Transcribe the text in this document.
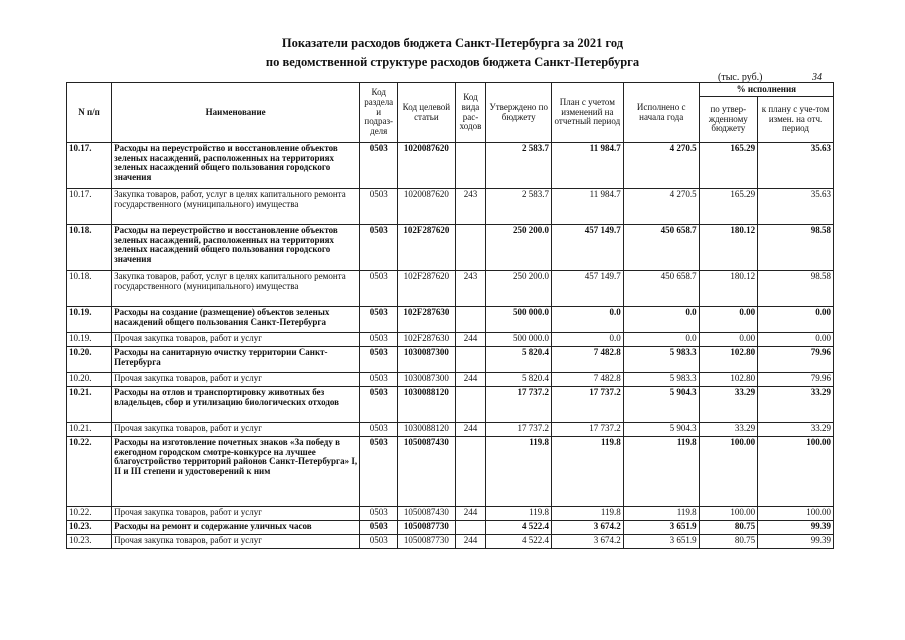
Показатели расходов бюджета Санкт-Петербурга за 2021 год
по ведомственной структуре расходов бюджета Санкт-Петербурга
(тыс. руб.)	34
N п/п	Наименование	Код раздела и подраз-деля	Код целевой статьи	Код вида рас-ходов	Утверждено по бюджету	План с учетом изменений на отчетный период	Исполнено с начала года	% исполнения	
								по утвер-жденному бюджету	к плану с уче-том измен. на отч. период
10.17.	Расходы на переустройство и восстановление объектов зеленых насаждений, расположенных на территориях зеленых насаждений общего пользования городского значения	0503	1020087620		2 583.7	11 984.7	4 270.5	165.29	35.63
10.17.	Закупка товаров, работ, услуг в целях капитального ремонта государственного (муниципального) имущества	0503	1020087620	243	2 583.7	11 984.7	4 270.5	165.29	35.63
10.18.	Расходы на переустройство и восстановление объектов зеленых насаждений, расположенных на территориях зеленых насаждений общего пользования городского значения	0503	102F287620		250 200.0	457 149.7	450 658.7	180.12	98.58
10.18.	Закупка товаров, работ, услуг в целях капитального ремонта государственного (муниципального) имущества	0503	102F287620	243	250 200.0	457 149.7	450 658.7	180.12	98.58
10.19.	Расходы на создание (размещение) объектов зеленых насаждений общего пользования Санкт-Петербурга	0503	102F287630		500 000.0	0.0	0.0	0.00	0.00
10.19.	Прочая закупка товаров, работ и услуг	0503	102F287630	244	500 000.0	0.0	0.0	0.00	0.00
10.20.	Расходы на санитарную очистку территории Санкт-Петербурга	0503	1030087300		5 820.4	7 482.8	5 983.3	102.80	79.96
10.20.	Прочая закупка товаров, работ и услуг	0503	1030087300	244	5 820.4	7 482.8	5 983.3	102.80	79.96
10.21.	Расходы на отлов и транспортировку животных без владельцев, сбор и утилизацию биологических отходов	0503	1030088120		17 737.2	17 737.2	5 904.3	33.29	33.29
10.21.	Прочая закупка товаров, работ и услуг	0503	1030088120	244	17 737.2	17 737.2	5 904.3	33.29	33.29
10.22.	Расходы на изготовление почетных знаков «За победу в ежегодном городском смотре-конкурсе на лучшее благоустройство территорий районов Санкт-Петербурга» I, II и III степени и удостоверений к ним	0503	1050087430		119.8	119.8	119.8	100.00	100.00
10.22.	Прочая закупка товаров, работ и услуг	0503	1050087430	244	119.8	119.8	119.8	100.00	100.00
10.23.	Расходы на ремонт и содержание уличных часов	0503	1050087730		4 522.4	3 674.2	3 651.9	80.75	99.39
10.23.	Прочая закупка товаров, работ и услуг	0503	1050087730	244	4 522.4	3 674.2	3 651.9	80.75	99.39
